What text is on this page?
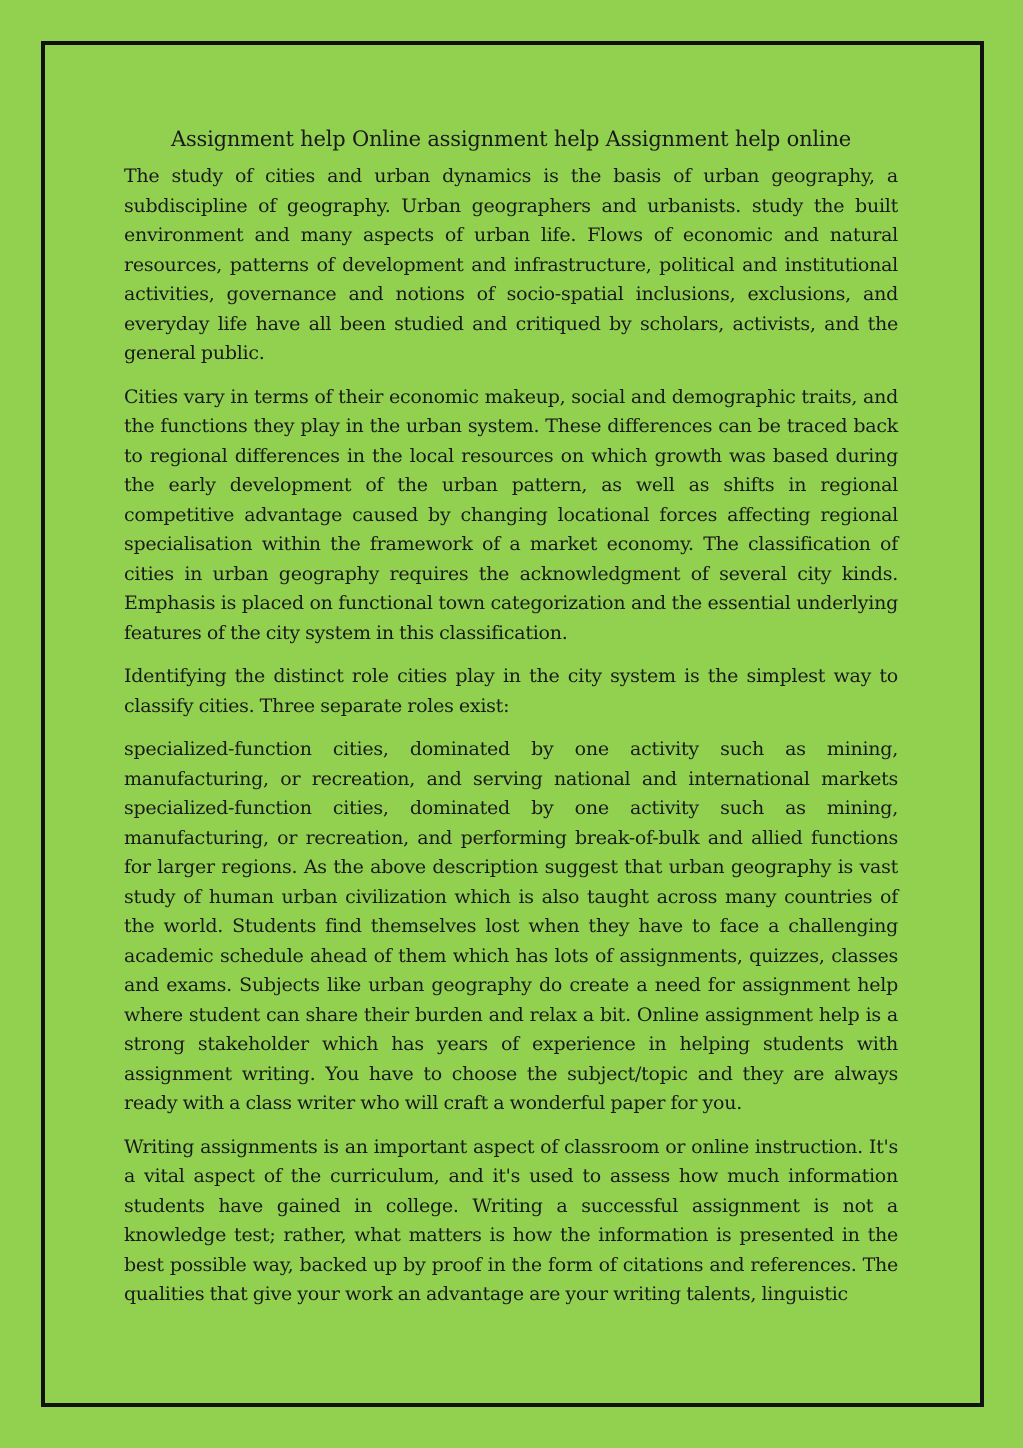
Assignment help Online assignment help Assignment help online

The study of cities and urban dynamics is the basis of urban geography, a subdiscipline of geography. Urban geographers and urbanists. study the built environment and many aspects of urban life. Flows of economic and natural resources, patterns of development and infrastructure, political and institutional activities, governance and notions of socio-spatial inclusions, exclusions, and everyday life have all been studied and critiqued by scholars, activists, and the general public.

Cities vary in terms of their economic makeup, social and demographic traits, and the functions they play in the urban system. These differences can be traced back to regional differences in the local resources on which growth was based during the early development of the urban pattern, as well as shifts in regional competitive advantage caused by changing locational forces affecting regional specialisation within the framework of a market economy. The classification of cities in urban geography requires the acknowledgment of several city kinds. Emphasis is placed on functional town categorization and the essential underlying features of the city system in this classification.

Identifying the distinct role cities play in the city system is the simplest way to classify cities. Three separate roles exist:

specialized-function cities, dominated by one activity such as mining, manufacturing, or recreation, and serving national and international markets specialized-function cities, dominated by one activity such as mining, manufacturing, or recreation, and performing break-of-bulk and allied functions for larger regions. As the above description suggest that urban geography is vast study of human urban civilization which is also taught across many countries of the world. Students find themselves lost when they have to face a challenging academic schedule ahead of them which has lots of assignments, quizzes, classes and exams. Subjects like urban geography do create a need for assignment help where student can share their burden and relax a bit. Online assignment help is a strong stakeholder which has years of experience in helping students with assignment writing. You have to choose the subject/topic and they are always ready with a class writer who will craft a wonderful paper for you.

Writing assignments is an important aspect of classroom or online instruction. It's a vital aspect of the curriculum, and it's used to assess how much information students have gained in college. Writing a successful assignment is not a knowledge test; rather, what matters is how the information is presented in the best possible way, backed up by proof in the form of citations and references. The qualities that give your work an advantage are your writing talents, linguistic
